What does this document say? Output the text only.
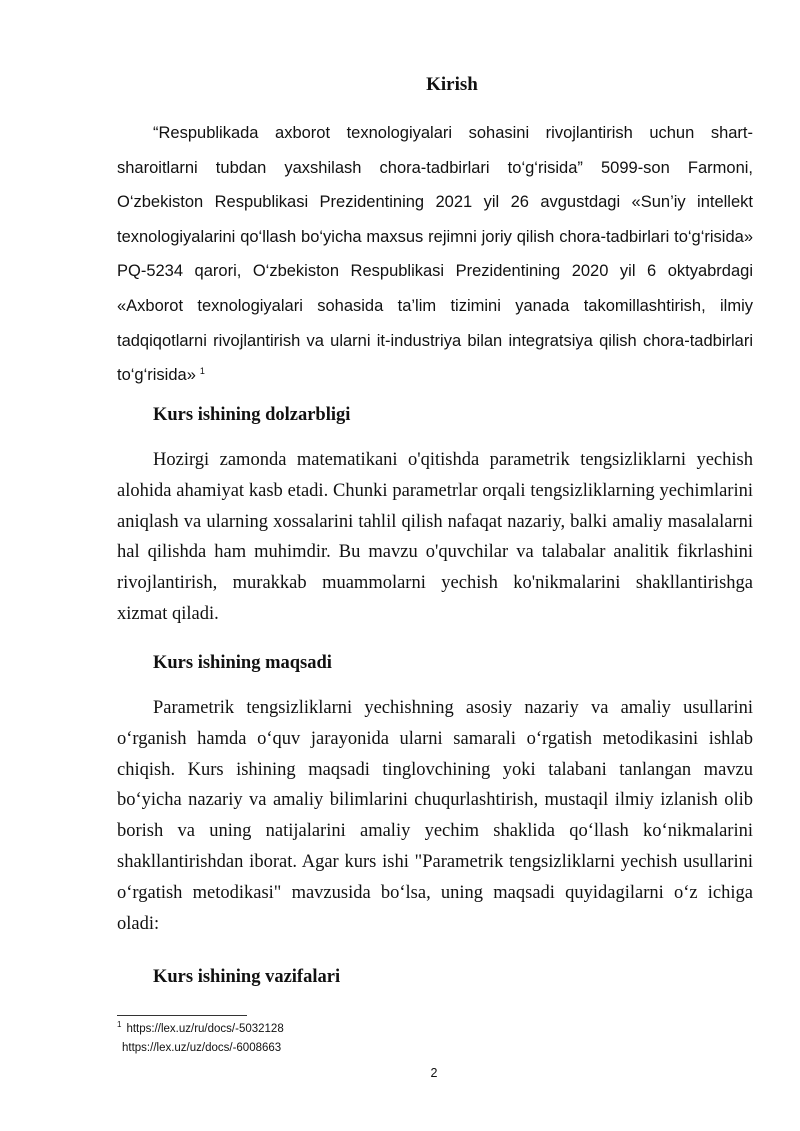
Kirish

“Respublikada axborot texnologiyalari sohasini rivojlantirish uchun shart-sharoitlarni tubdan yaxshilash chora-tadbirlari to‘g‘risida” 5099-son Farmoni, O‘zbekiston Respublikasi Prezidentining 2021 yil 26 avgustdagi «Sun’iy intellekt texnologiyalarini qo‘llash bo‘yicha maxsus rejimni joriy qilish chora-tadbirlari to‘g‘risida» PQ-5234 qarori, O‘zbekiston Respublikasi Prezidentining 2020 yil 6 oktyabrdagi «Axborot texnologiyalari sohasida ta’lim tizimini yanada takomillashtirish, ilmiy tadqiqotlarni rivojlantirish va ularni it-industriya bilan integratsiya qilish chora-tadbirlari to‘g‘risida» $^1$

Kurs ishining dolzarbligi

Hozirgi zamonda matematikani o'qitishda parametrik tengsizliklarni yechish alohida ahamiyat kasb etadi. Chunki parametrlar orqali tengsizliklarning yechimlarini aniqlash va ularning xossalarini tahlil qilish nafaqat nazariy, balki amaliy masalalarni hal qilishda ham muhimdir. Bu mavzu o'quvchilar va talabalar analitik fikrlashini rivojlantirish, murakkab muammolarni yechish ko'nikmalarini shakllantirishga xizmat qiladi.

Kurs ishining maqsadi

Parametrik tengsizliklarni yechishning asosiy nazariy va amaliy usullarini o‘rganish hamda o‘quv jarayonida ularni samarali o‘rgatish metodikasini ishlab chiqish. Kurs ishining maqsadi tinglovchining yoki talabani tanlangan mavzu bo‘yicha nazariy va amaliy bilimlarini chuqurlashtirish, mustaqil ilmiy izlanish olib borish va uning natijalarini amaliy yechim shaklida qo‘llash ko‘nikmalarini shakllantirishdan iborat. Agar kurs ishi "Parametrik tengsizliklarni yechish usullarini o‘rgatish metodikasi" mavzusida bo‘lsa, uning maqsadi quyidagilarni o‘z ichiga oladi:

Kurs ishining vazifalari

$^1$ https://lex.uz/ru/docs/-5032128

https://lex.uz/uz/docs/-6008663

2
